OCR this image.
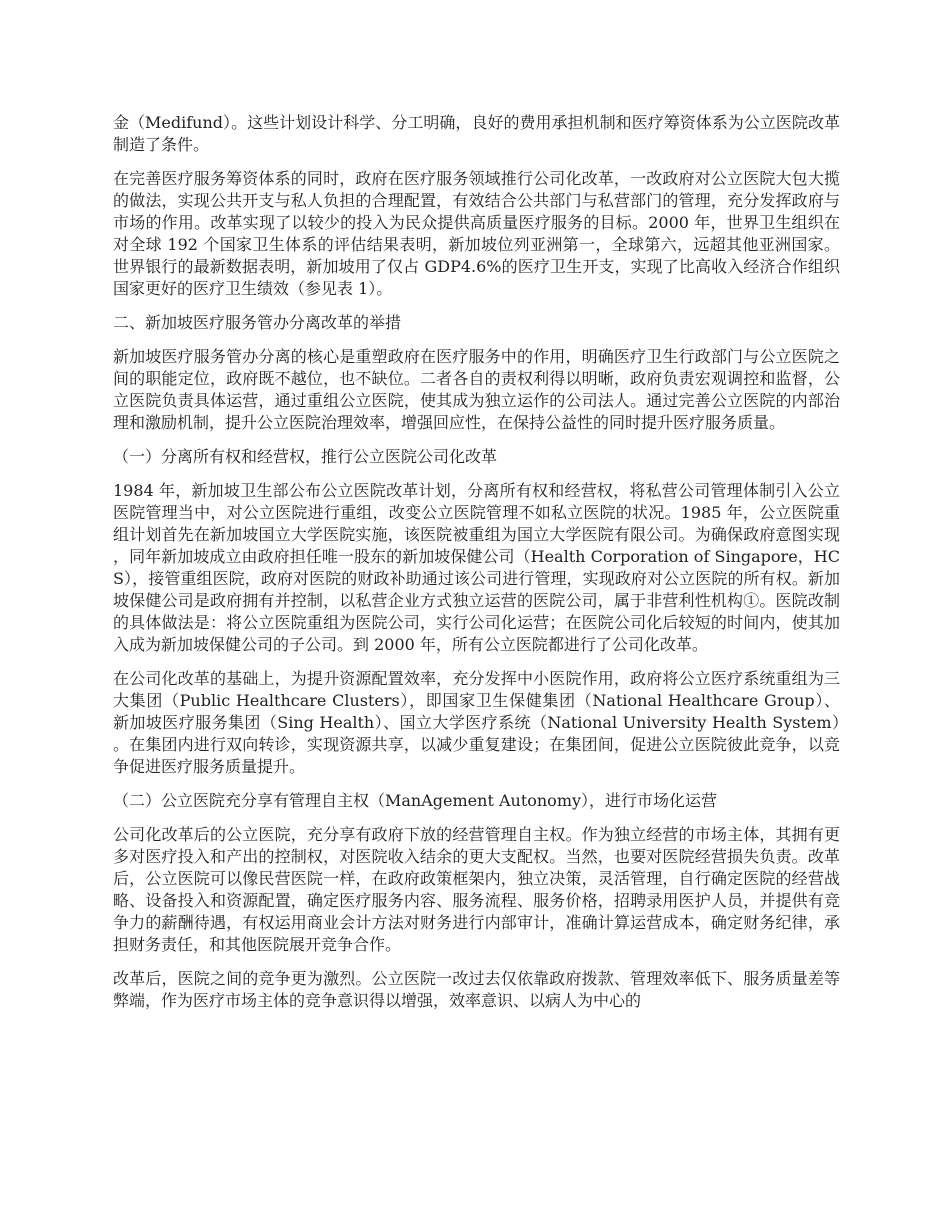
金（Medifund）。这些计划设计科学、分工明确，良好的费用承担机制和医疗筹资体系为公立医院改革制造了条件。

在完善医疗服务筹资体系的同时，政府在医疗服务领域推行公司化改革，一改政府对公立医院大包大揽的做法，实现公共开支与私人负担的合理配置，有效结合公共部门与私营部门的管理，充分发挥政府与市场的作用。改革实现了以较少的投入为民众提供高质量医疗服务的目标。2000 年，世界卫生组织在对全球 192 个国家卫生体系的评估结果表明，新加坡位列亚洲第一，全球第六，远超其他亚洲国家。世界银行的最新数据表明，新加坡用了仅占 GDP4.6%的医疗卫生开支，实现了比高收入经济合作组织国家更好的医疗卫生绩效（参见表 1）。

二、新加坡医疗服务管办分离改革的举措

新加坡医疗服务管办分离的核心是重塑政府在医疗服务中的作用，明确医疗卫生行政部门与公立医院之间的职能定位，政府既不越位，也不缺位。二者各自的责权利得以明晰，政府负责宏观调控和监督，公立医院负责具体运营，通过重组公立医院，使其成为独立运作的公司法人。通过完善公立医院的内部治理和激励机制，提升公立医院治理效率，增强回应性，在保持公益性的同时提升医疗服务质量。

（一）分离所有权和经营权，推行公立医院公司化改革

1984 年，新加坡卫生部公布公立医院改革计划，分离所有权和经营权，将私营公司管理体制引入公立医院管理当中，对公立医院进行重组，改变公立医院管理不如私立医院的状况。1985 年，公立医院重组计划首先在新加坡国立大学医院实施，该医院被重组为国立大学医院有限公司。为确保政府意图实现，同年新加坡成立由政府担任唯一股东的新加坡保健公司（Health Corporation of Singapore，HCS），接管重组医院，政府对医院的财政补助通过该公司进行管理，实现政府对公立医院的所有权。新加坡保健公司是政府拥有并控制，以私营企业方式独立运营的医院公司，属于非营利性机构①。医院改制的具体做法是：将公立医院重组为医院公司，实行公司化运营；在医院公司化后较短的时间内，使其加入成为新加坡保健公司的子公司。到 2000 年，所有公立医院都进行了公司化改革。

在公司化改革的基础上，为提升资源配置效率，充分发挥中小医院作用，政府将公立医疗系统重组为三大集团（Public Healthcare Clusters），即国家卫生保健集团（National Healthcare Group）、新加坡医疗服务集团（Sing Health）、国立大学医疗系统（National University Health System）。在集团内进行双向转诊，实现资源共享，以减少重复建设；在集团间，促进公立医院彼此竞争，以竞争促进医疗服务质量提升。

（二）公立医院充分享有管理自主权（ManAgement Autonomy），进行市场化运营

公司化改革后的公立医院，充分享有政府下放的经营管理自主权。作为独立经营的市场主体，其拥有更多对医疗投入和产出的控制权，对医院收入结余的更大支配权。当然，也要对医院经营损失负责。改革后，公立医院可以像民营医院一样，在政府政策框架内，独立决策，灵活管理，自行确定医院的经营战略、设备投入和资源配置，确定医疗服务内容、服务流程、服务价格，招聘录用医护人员，并提供有竞争力的薪酬待遇，有权运用商业会计方法对财务进行内部审计，准确计算运营成本，确定财务纪律，承担财务责任，和其他医院展开竞争合作。

改革后，医院之间的竞争更为激烈。公立医院一改过去仅依靠政府拨款、管理效率低下、服务质量差等弊端，作为医疗市场主体的竞争意识得以增强，效率意识、以病人为中心的
